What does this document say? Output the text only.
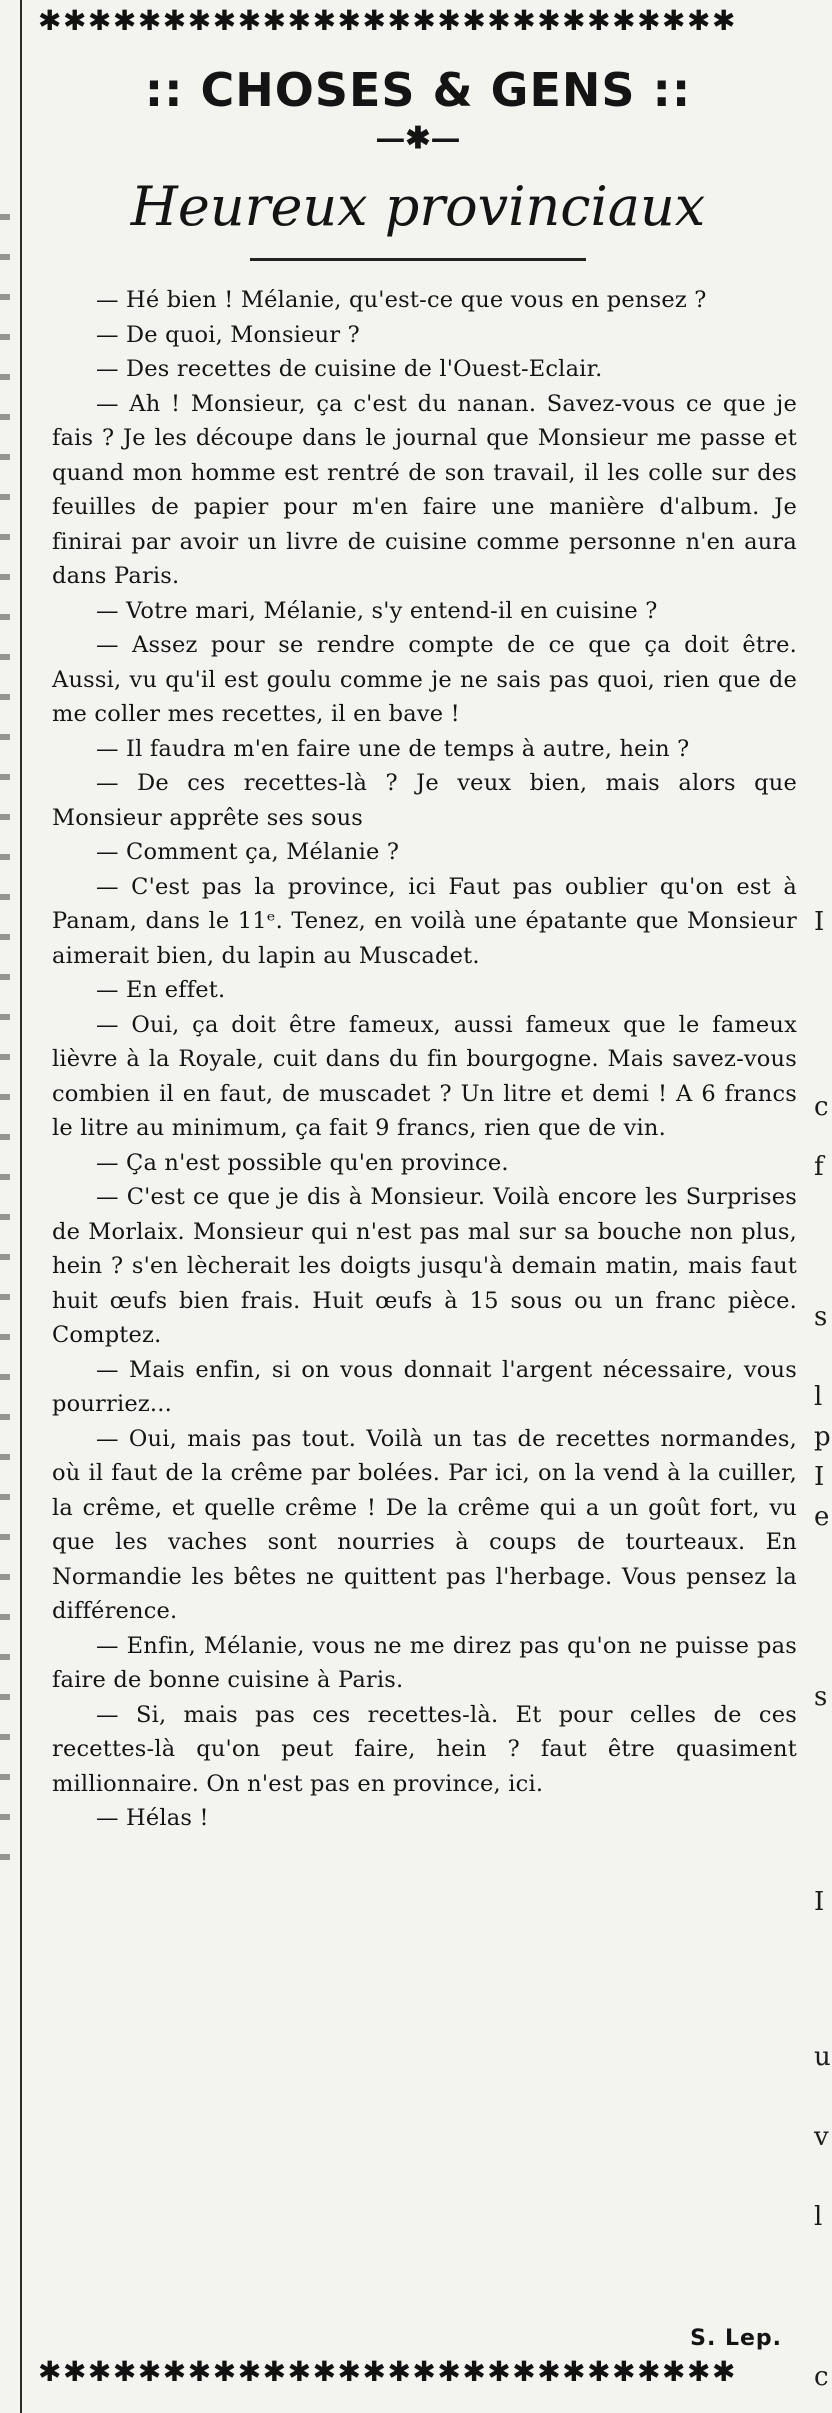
✱✱✱✱✱✱✱✱✱✱✱✱✱✱✱✱✱✱✱✱✱✱✱✱✱✱✱✱
:: CHOSES & GENS ::
—✱—
Heureux provinciaux

— Hé bien ! Mélanie, qu'est-ce que vous en pensez ?

— De quoi, Monsieur ?

— Des recettes de cuisine de l'Ouest-Eclair.

— Ah ! Monsieur, ça c'est du nanan. Savez-vous ce que je fais ? Je les découpe dans le journal que Monsieur me passe et quand mon homme est rentré de son travail, il les colle sur des feuilles de papier pour m'en faire une manière d'album. Je finirai par avoir un livre de cuisine comme personne n'en aura dans Paris.

— Votre mari, Mélanie, s'y entend-il en cuisine ?

— Assez pour se rendre compte de ce que ça doit être. Aussi, vu qu'il est goulu comme je ne sais pas quoi, rien que de me coller mes recettes, il en bave !

— Il faudra m'en faire une de temps à autre, hein ?

— De ces recettes-là ? Je veux bien, mais alors que Monsieur apprête ses sous

— Comment ça, Mélanie ?

— C'est pas la province, ici Faut pas oublier qu'on est à Panam, dans le 11ᵉ. Tenez, en voilà une épatante que Monsieur aimerait bien, du lapin au Muscadet.

— En effet.

— Oui, ça doit être fameux, aussi fameux que le fameux lièvre à la Royale, cuit dans du fin bourgogne. Mais savez-vous combien il en faut, de muscadet ? Un litre et demi ! A 6 francs le litre au minimum, ça fait 9 francs, rien que de vin.

— Ça n'est possible qu'en province.

— C'est ce que je dis à Monsieur. Voilà encore les Surprises de Morlaix. Monsieur qui n'est pas mal sur sa bouche non plus, hein ? s'en lècherait les doigts jusqu'à demain matin, mais faut huit œufs bien frais. Huit œufs à 15 sous ou un franc pièce. Comptez.

— Mais enfin, si on vous donnait l'argent nécessaire, vous pourriez...

— Oui, mais pas tout. Voilà un tas de recettes normandes, où il faut de la crême par bolées. Par ici, on la vend à la cuiller, la crême, et quelle crême ! De la crême qui a un goût fort, vu que les vaches sont nourries à coups de tourteaux. En Normandie les bêtes ne quittent pas l'herbage. Vous pensez la différence.

— Enfin, Mélanie, vous ne me direz pas qu'on ne puisse pas faire de bonne cuisine à Paris.

— Si, mais pas ces recettes-là. Et pour celles de ces recettes-là qu'on peut faire, hein ? faut être quasiment millionnaire. On n'est pas en province, ici.

— Hélas !

S. Lep.
✱✱✱✱✱✱✱✱✱✱✱✱✱✱✱✱✱✱✱✱✱✱✱✱✱✱✱✱
I
c
f
s
l
p
I
e
s
I
u
v
l
c
